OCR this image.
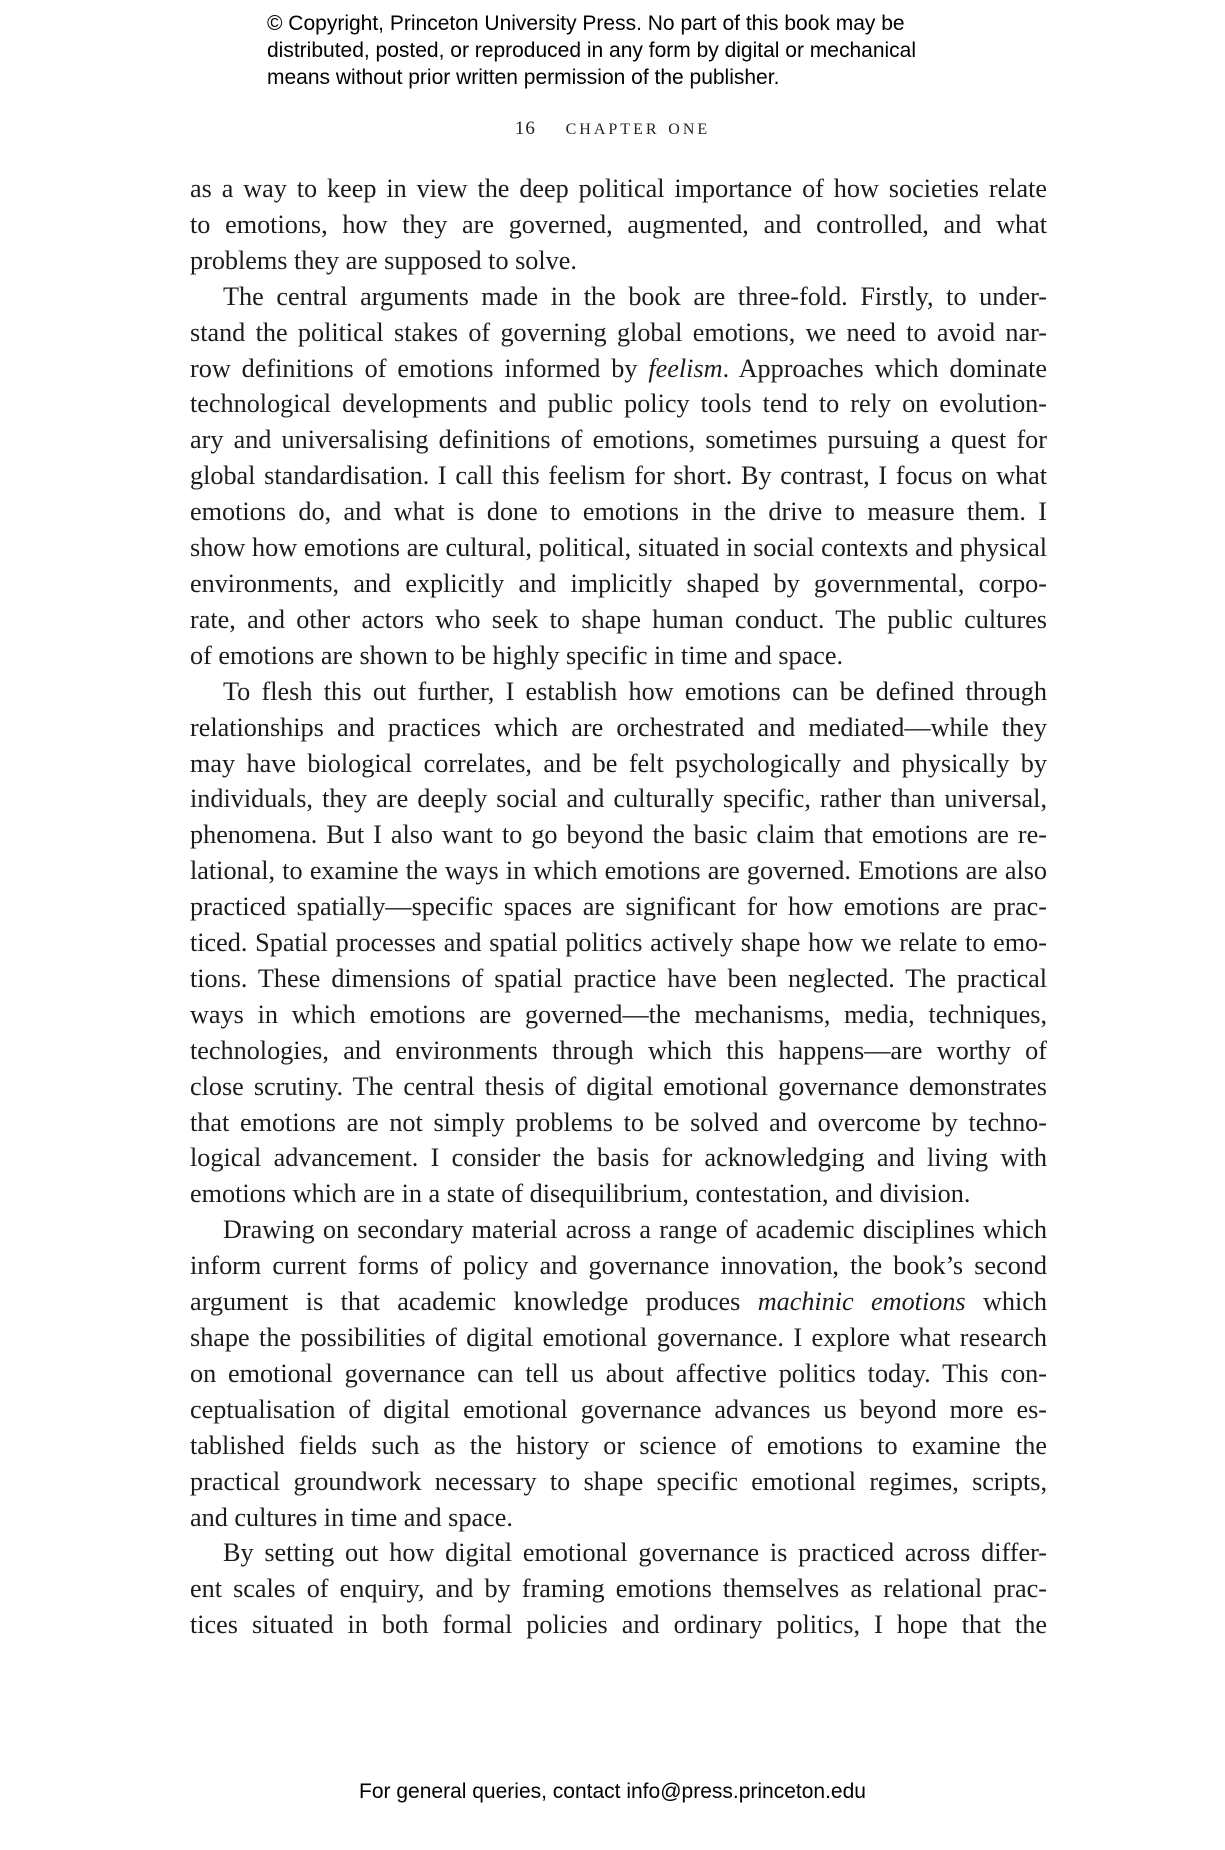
© Copyright, Princeton University Press. No part of this book may be
distributed, posted, or reproduced in any form by digital or mechanical
means without prior written permission of the publisher.
16 chapter one

as a way to keep in view the deep political importance of how societies relate
to emotions, how they are governed, augmented, and controlled, and what
problems they are supposed to solve.

The central arguments made in the book are three-fold. Firstly, to under-
stand the political stakes of governing global emotions, we need to avoid nar-
row definitions of emotions informed by feelism. Approaches which dominate
technological developments and public policy tools tend to rely on evolution-
ary and universalising definitions of emotions, sometimes pursuing a quest for
global standardisation. I call this feelism for short. By contrast, I focus on what
emotions do, and what is done to emotions in the drive to measure them. I
show how emotions are cultural, political, situated in social contexts and physical
environments, and explicitly and implicitly shaped by governmental, corpo-
rate, and other actors who seek to shape human conduct. The public cultures
of emotions are shown to be highly specific in time and space.

To flesh this out further, I establish how emotions can be defined through
relationships and practices which are orchestrated and mediated—while they
may have biological correlates, and be felt psychologically and physically by
individuals, they are deeply social and culturally specific, rather than universal,
phenomena. But I also want to go beyond the basic claim that emotions are re-
lational, to examine the ways in which emotions are governed. Emotions are also
practiced spatially—specific spaces are significant for how emotions are prac-
ticed. Spatial processes and spatial politics actively shape how we relate to emo-
tions. These dimensions of spatial practice have been neglected. The practical
ways in which emotions are governed—the mechanisms, media, techniques,
technologies, and environments through which this happens—are worthy of
close scrutiny. The central thesis of digital emotional governance demonstrates
that emotions are not simply problems to be solved and overcome by techno-
logical advancement. I consider the basis for acknowledging and living with
emotions which are in a state of disequilibrium, contestation, and division.

Drawing on secondary material across a range of academic disciplines which
inform current forms of policy and governance innovation, the book’s second
argument is that academic knowledge produces machinic emotions which
shape the possibilities of digital emotional governance. I explore what research
on emotional governance can tell us about affective politics today. This con-
ceptualisation of digital emotional governance advances us beyond more es-
tablished fields such as the history or science of emotions to examine the
practical groundwork necessary to shape specific emotional regimes, scripts,
and cultures in time and space.

By setting out how digital emotional governance is practiced across differ-
ent scales of enquiry, and by framing emotions themselves as relational prac-
tices situated in both formal policies and ordinary politics, I hope that the

For general queries, contact info@press.princeton.edu
